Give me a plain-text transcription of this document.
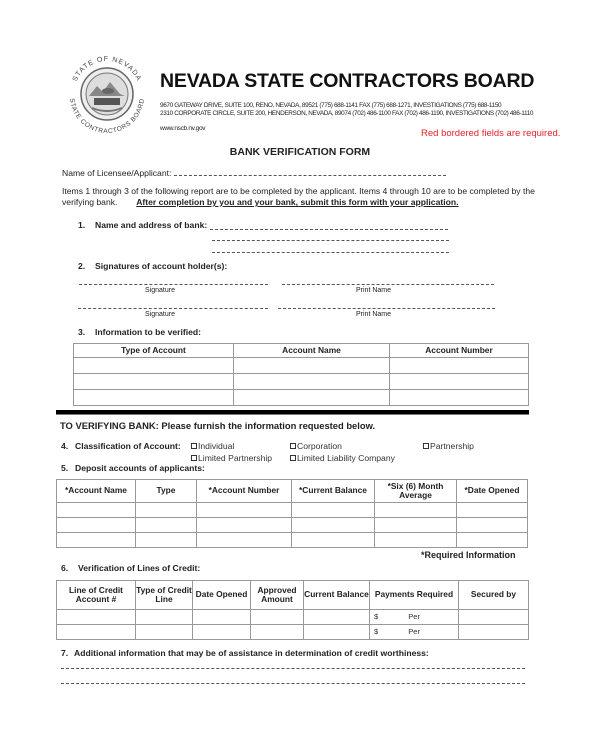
STATE OF NEVADA
STATE CONTRACTORS BOARD
NEVADA STATE CONTRACTORS BOARD
9670 GATEWAY DRIVE, SUITE 100, RENO, NEVADA, 89521 (775) 688-1141 FAX (775) 688-1271, INVESTIGATIONS (775) 688-1150
2310 CORPORATE CIRCLE, SUITE 200, HENDERSON, NEVADA, 89074 (702) 486-1100 FAX (702) 486-1190, INVESTIGATIONS (702) 486-1110
www.nscb.nv.gov	Red bordered fields are required.
BANK VERIFICATION FORM
Name of Licensee/Applicant:
Items 1 through 3 of the following report are to be completed by the applicant. Items 4 through 10 are to be completed by the
verifying bank. After completion by you and your bank, submit this form with your application.
1. Name and address of bank:
2. Signatures of account holder(s):
Signature	Print Name
Signature	Print Name
3. Information to be verified:
Type of Account	Account Name	Account Number

TO VERIFYING BANK: Please furnish the information requested below.
4. Classification of Account:	Individual	Corporation	Partnership
Limited Partnership	Limited Liability Company
5. Deposit accounts of applicants:
*Account Name	Type	*Account Number	*Current Balance	*Six (6) Month Average	*Date Opened

*Required Information
6. Verification of Lines of Credit:
Line of Credit Account #	Type of Credit Line	Date Opened	Approved Amount	Current Balance	Payments Required	Secured by
					$ Per	
					$ Per	
7. Additional information that may be of assistance in determination of credit worthiness:
